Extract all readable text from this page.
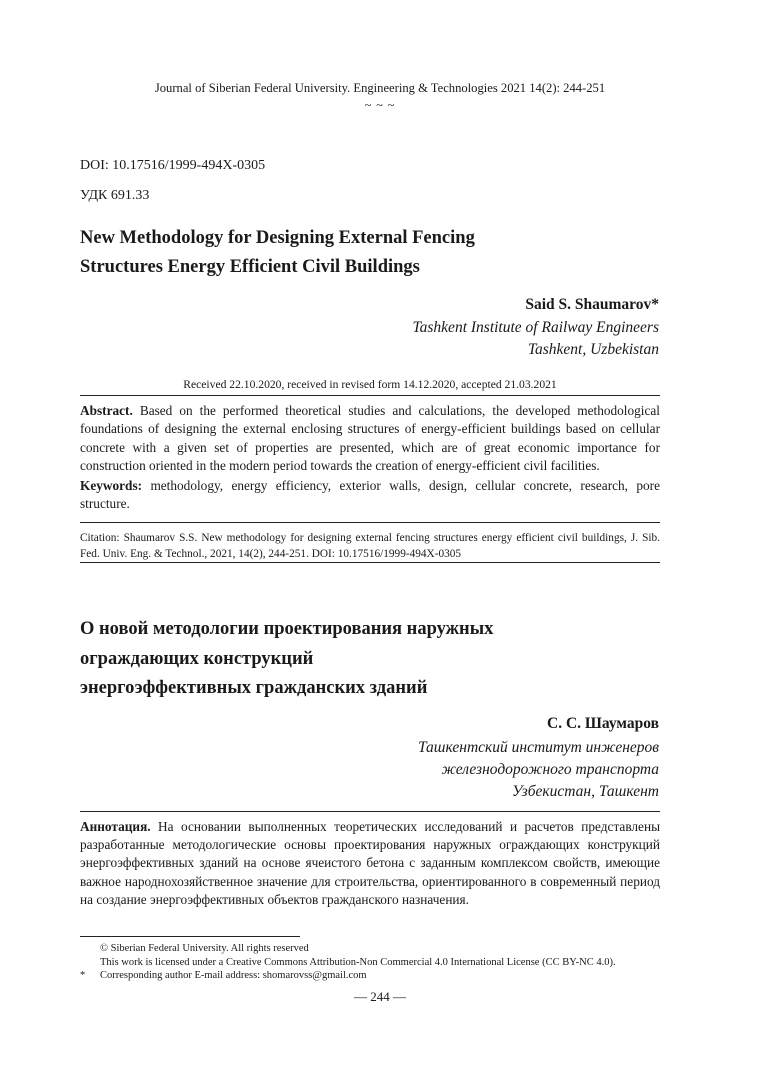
Journal of Siberian Federal University. Engineering & Technologies 2021 14(2): 244-251
~ ~ ~
DOI: 10.17516/1999-494X-0305
УДК 691.33
New Methodology for Designing External Fencing
Structures Energy Efficient Civil Buildings
Said S. Shaumarov*
Tashkent Institute of Railway Engineers
Tashkent, Uzbekistan
Received 22.10.2020, received in revised form 14.12.2020, accepted 21.03.2021
Abstract. Based on the performed theoretical studies and calculations, the developed methodological foundations of designing the external enclosing structures of energy-efficient buildings based on cellular concrete with a given set of properties are presented, which are of great economic importance for construction oriented in the modern period towards the creation of energy-efficient civil facilities.
Keywords: methodology, energy efficiency, exterior walls, design, cellular concrete, research, pore structure.
Citation: Shaumarov S.S. New methodology for designing external fencing structures energy efficient civil buildings, J. Sib. Fed. Univ. Eng. & Technol., 2021, 14(2), 244-251. DOI: 10.17516/1999-494X-0305
О новой методологии проектирования наружных
ограждающих конструкций
энергоэффективных гражданских зданий
С. С. Шаумаров
Ташкентский институт инженеров
железнодорожного транспорта
Узбекистан, Ташкент
Аннотация. На основании выполненных теоретических исследований и расчетов представлены разработанные методологические основы проектирования наружных ограждающих конструкций энергоэффективных зданий на основе ячеистого бетона с заданным комплексом свойств, имеющие важное народнохозяйственное значение для строительства, ориентированного в современный период на создание энергоэффективных объектов гражданского назначения.
© Siberian Federal University. All rights reserved
This work is licensed under a Creative Commons Attribution-Non Commercial 4.0 International License (CC BY-NC 4.0).
* Corresponding author E-mail address: shomarovss@gmail.com
— 244 —
